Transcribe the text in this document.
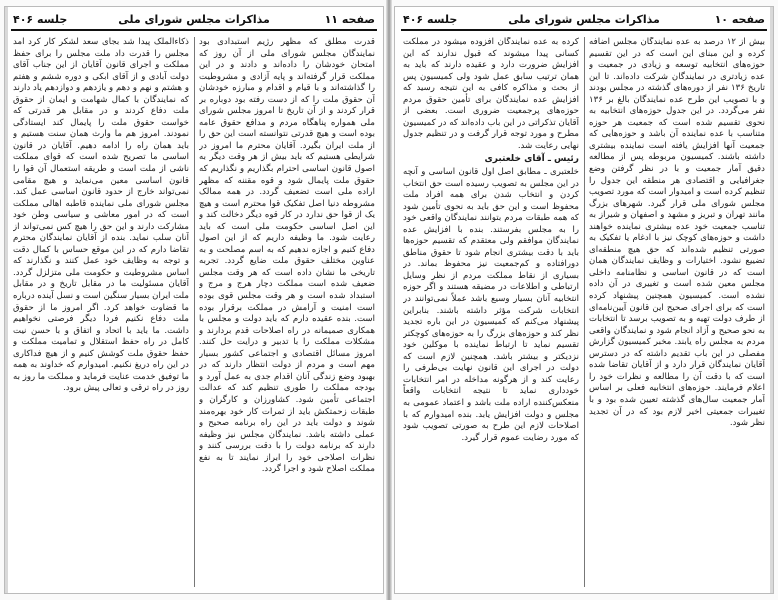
صفحه ۱۱
مذاکرات مجلس شورای ملی
جلسه ۴۰۶

قدرت مطلق که مظهر رژیم استبدادی بود نمایندگان مجلس شورای ملی از آن روز که امتحان خودشان را داده‌اند و دادند و در این مملکت قرار گرفته‌اند و پایه آزادی و مشروطیت را گذاشته‌اند و با قیام و اقدام و مبارزه خودشان آن حقوق ملت را که از دست رفته بود دوباره بر قرار کردند و از آن تاریخ تا امروز مجلس شورای ملی همواره پناهگاه مردم و مدافع حقوق عامه بوده است و هیچ قدرتی نتوانسته است این حق را از ملت ایران بگیرد. آقایان محترم ما امروز در شرایطی هستیم که باید بیش از هر وقت دیگر به اصول قانون اساسی احترام بگذاریم و نگذاریم که حقوق ملت پایمال شود و قوه مقننه که مظهر اراده ملی است تضعیف گردد. در همه ممالک مشروطه دنیا اصل تفکیک قوا محترم است و هیچ یک از قوا حق ندارد در کار قوه دیگر دخالت کند و این اصل اساسی حکومت ملی است که باید رعایت شود. ما وظیفه داریم که از این اصول دفاع کنیم و اجازه ندهیم که به اسم مصلحت و به عناوین مختلف حقوق ملت ضایع گردد. تجربه تاریخی ما نشان داده است که هر وقت مجلس ضعیف شده است مملکت دچار هرج و مرج و استبداد شده است و هر وقت مجلس قوی بوده است امنیت و آرامش در مملکت برقرار بوده است. بنده عقیده دارم که باید دولت و مجلس با همکاری صمیمانه در راه اصلاحات قدم بردارند و مشکلات مملکت را با تدبیر و درایت حل کنند. امروز مسائل اقتصادی و اجتماعی کشور بسیار مهم است و مردم از دولت انتظار دارند که در بهبود وضع زندگی آنان اقدام جدی به عمل آورد و بودجه مملکت را طوری تنظیم کند که عدالت اجتماعی تأمین شود. کشاورزان و کارگران و طبقات زحمتکش باید از ثمرات کار خود بهره‌مند شوند و دولت باید در این راه برنامه صحیح و عملی داشته باشد. نمایندگان مجلس نیز وظیفه دارند که برنامه دولت را با دقت بررسی کنند و نظرات اصلاحی خود را ابراز نمایند تا به نفع مملکت اصلاح شود و اجرا گردد.

ذکاءالملک پیدا شد بجای سعد لشکر کار کرد آمد مجلس را قدرت داد ملت مجلس را برای حفظ مملکت و اجرای قانون آقایان از این جناب آقای دولت آبادی و از آقای ابکی و دوره ششم و هفتم و هشتم و نهم و دهم و یازدهم و دوازدهم یاد دارند که نمایندگان با کمال شهامت و ایمان از حقوق ملت دفاع کردند و در مقابل هر قدرتی که خواست حقوق ملت را پایمال کند ایستادگی نمودند. امروز هم ما وارث همان سنت هستیم و باید همان راه را ادامه دهیم. آقایان در قانون اساسی ما تصریح شده است که قوای مملکت ناشی از ملت است و طریقه استعمال آن قوا را قانون اساسی معین می‌نماید و هیچ مقامی نمی‌تواند خارج از حدود قانون اساسی عمل کند. مجلس شورای ملی نماینده قاطبه اهالی مملکت است که در امور معاشی و سیاسی وطن خود مشارکت دارند و این حق را هیچ کس نمی‌تواند از آنان سلب نماید. بنده از آقایان نمایندگان محترم تقاضا دارم که در این موقع حساس با کمال دقت و توجه به وظایف خود عمل کنند و نگذارند که اساس مشروطیت و حکومت ملی متزلزل گردد. آقایان مسئولیت ما در مقابل تاریخ و در مقابل ملت ایران بسیار سنگین است و نسل آینده درباره ما قضاوت خواهد کرد. اگر امروز ما از حقوق ملت دفاع نکنیم فردا دیگر فرصتی نخواهیم داشت. ما باید با اتحاد و اتفاق و با حسن نیت کامل در راه حفظ استقلال و تمامیت مملکت و حفظ حقوق ملت کوشش کنیم و از هیچ فداکاری در این راه دریغ نکنیم. امیدوارم که خداوند به همه ما توفیق خدمت عنایت فرماید و مملکت ما روز به روز در راه ترقی و تعالی پیش برود.

صفحه ۱۰
مذاکرات مجلس شورای ملی
جلسه ۴۰۶

بیش از ۱۲ درصد به عده نمایندگان مجلس اضافه کرده و این مبنای این است که در این تقسیم حوزه‌های انتخابیه توسعه و زیادی در جمعیت و عده زیادتری در نمایندگان شرکت داده‌اند. تا این تاریخ ۱۳۶ نفر از دوره‌های گذشته در مجلس بودند و با تصویب این طرح عده نمایندگان بالغ بر ۱۳۶ نفر می‌گردد. در این جدول حوزه‌های انتخابیه به نحوی تقسیم شده است که جمعیت هر حوزه متناسب با عده نماینده آن باشد و حوزه‌هایی که جمعیت آنها افزایش یافته است نماینده بیشتری داشته باشند. کمیسیون مربوطه پس از مطالعه دقیق آمار جمعیت و با در نظر گرفتن وضع جغرافیایی و اقتصادی هر منطقه این جدول را تنظیم کرده است و امیدوار است که مورد تصویب مجلس شورای ملی قرار گیرد. شهرهای بزرگ مانند تهران و تبریز و مشهد و اصفهان و شیراز به تناسب جمعیت خود عده بیشتری نماینده خواهند داشت و حوزه‌های کوچک نیز با ادغام یا تفکیک به صورتی تنظیم شده‌اند که حق هیچ منطقه‌ای تضییع نشود. اختیارات و وظایف نمایندگان همان است که در قانون اساسی و نظامنامه داخلی مجلس معین شده است و تغییری در آن داده نشده است. کمیسیون همچنین پیشنهاد کرده است که برای اجرای صحیح این قانون آیین‌نامه‌ای از طرف دولت تهیه و به تصویب برسد تا انتخابات به نحو صحیح و آزاد انجام شود و نمایندگان واقعی مردم به مجلس راه یابند. مخبر کمیسیون گزارش مفصلی در این باب تقدیم داشته که در دسترس آقایان نمایندگان قرار دارد و از آقایان تقاضا شده است که با دقت آن را مطالعه و نظرات خود را اعلام فرمایند. حوزه‌های انتخابیه فعلی بر اساس آمار جمعیت سال‌های گذشته تعیین شده بود و با تغییرات جمعیتی اخیر لازم بود که در آن تجدید نظر شود.

کرده به عده نمایندگان افزوده میشود در مملکت کسانی پیدا میشوند که قبول ندارند که این افزایش ضرورت دارد و عقیده دارند که باید به همان ترتیب سابق عمل شود ولی کمیسیون پس از بحث و مذاکره کافی به این نتیجه رسید که افزایش عده نمایندگان برای تأمین حقوق مردم حوزه‌های پرجمعیت ضروری است. بعضی از آقایان تذکراتی در این باب داده‌اند که در کمیسیون مطرح و مورد توجه قرار گرفت و در تنظیم جدول نهایی رعایت شد.

رئیس ـ آقای خلعتبری

خلعتبری ـ مطابق اصل اول قانون اساسی و آنچه در این مجلس به تصویب رسیده است حق انتخاب کردن و انتخاب شدن برای همه افراد ملت محفوظ است و این حق باید به نحوی تأمین شود که همه طبقات مردم بتوانند نمایندگان واقعی خود را به مجلس بفرستند. بنده با افزایش عده نمایندگان موافقم ولی معتقدم که تقسیم حوزه‌ها باید با دقت بیشتری انجام شود تا حقوق مناطق دورافتاده و کم‌جمعیت نیز محفوظ بماند. در بسیاری از نقاط مملکت مردم از نظر وسایل ارتباطی و اطلاعات در مضیقه هستند و اگر حوزه انتخابیه آنان بسیار وسیع باشد عملاً نمی‌توانند در انتخابات شرکت مؤثر داشته باشند. بنابراین پیشنهاد می‌کنم که کمیسیون در این باره تجدید نظر کند و حوزه‌های بزرگ را به حوزه‌های کوچکتر تقسیم نماید تا ارتباط نماینده با موکلین خود نزدیکتر و بیشتر باشد. همچنین لازم است که دولت در اجرای این قانون نهایت بی‌طرفی را رعایت کند و از هرگونه مداخله در امر انتخابات خودداری نماید تا نتیجه انتخابات واقعاً منعکس‌کننده اراده ملت باشد و اعتماد عمومی به مجلس و دولت افزایش یابد. بنده امیدوارم که با اصلاحات لازم این طرح به صورتی تصویب شود که مورد رضایت عموم قرار گیرد.
